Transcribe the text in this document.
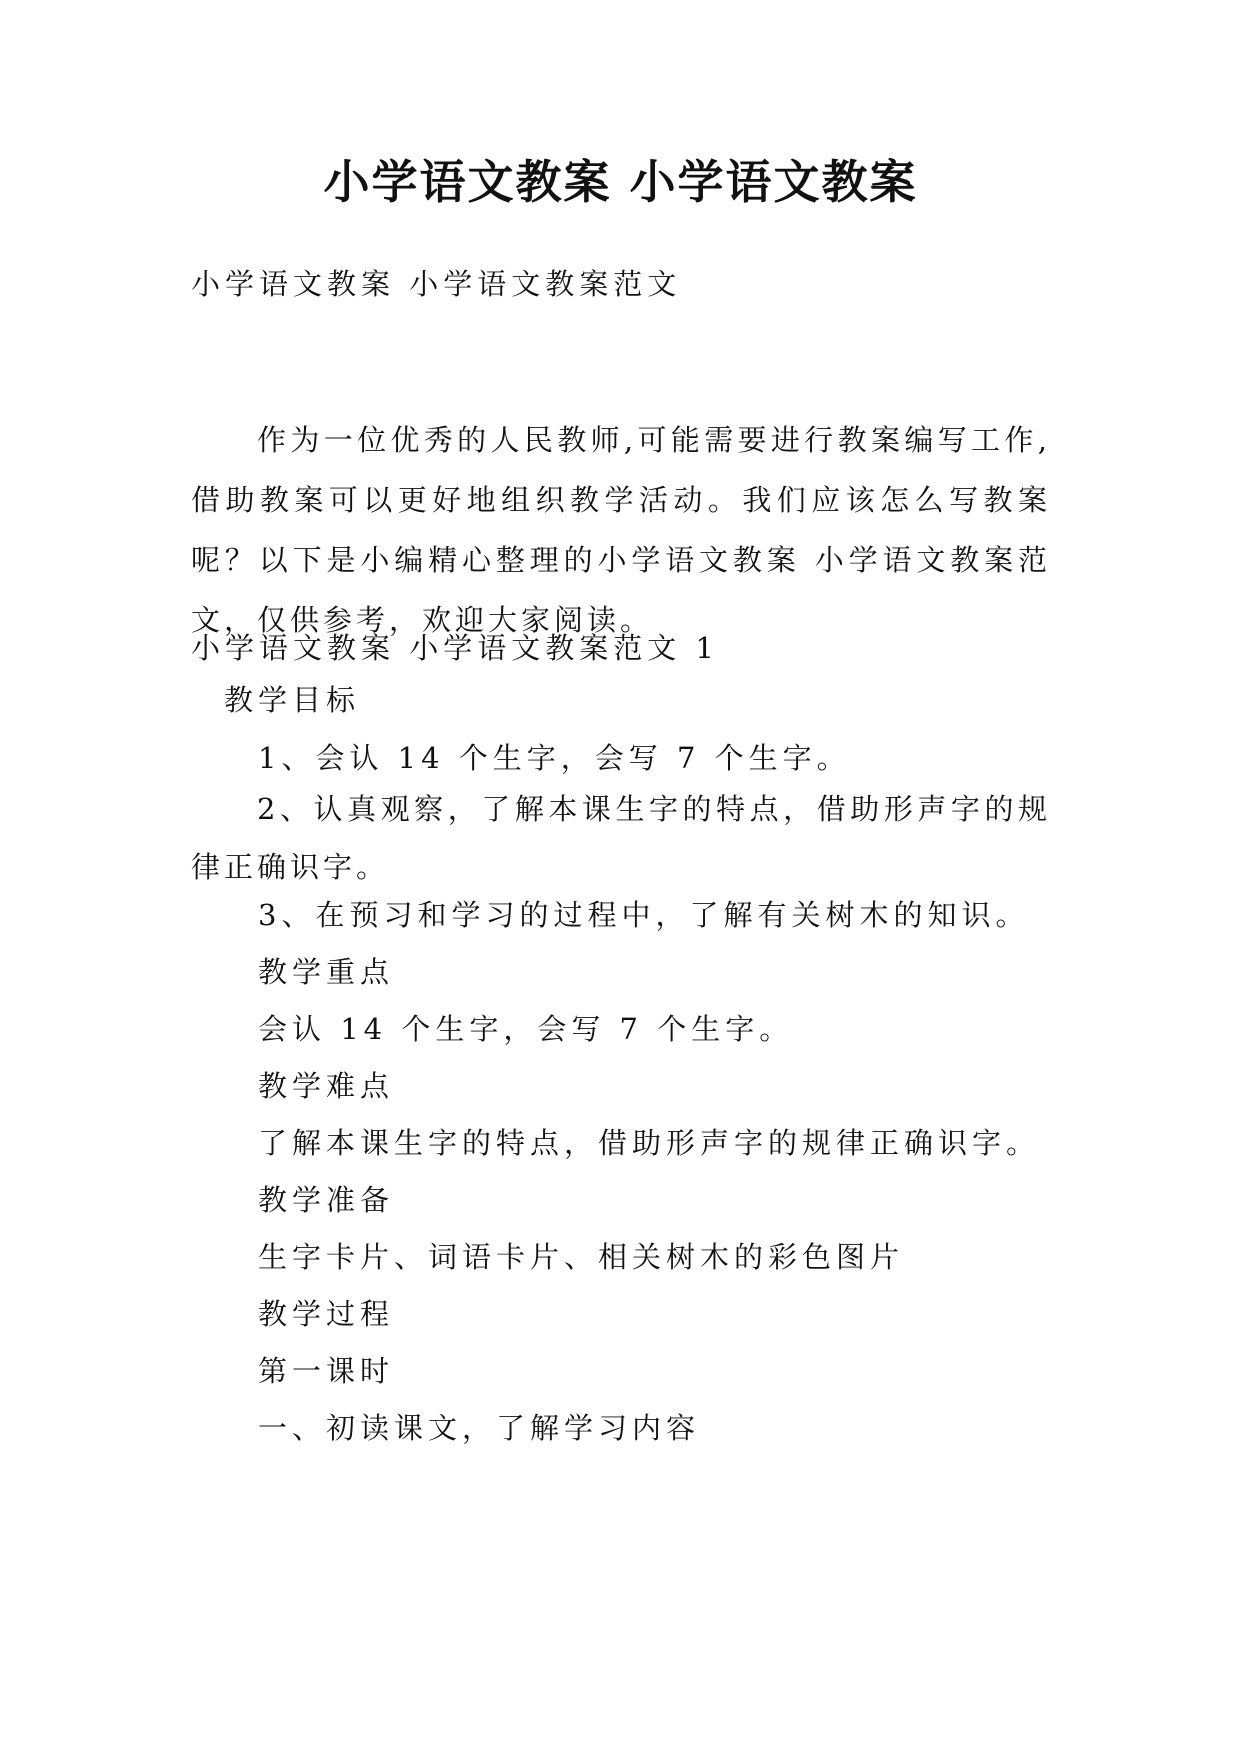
小学语文教案 小学语文教案
小学语文教案 小学语文教案范文
作为一位优秀的人民教师,可能需要进行教案编写工作,借助教案可以更好地组织教学活动。我们应该怎么写教案呢？以下是小编精心整理的小学语文教案 小学语文教案范文，仅供参考，欢迎大家阅读。
小学语文教案 小学语文教案范文 1
教学目标
1、会认 14 个生字，会写 7 个生字。
2、认真观察，了解本课生字的特点，借助形声字的规律正确识字。
3、在预习和学习的过程中，了解有关树木的知识。
教学重点
会认 14 个生字，会写 7 个生字。
教学难点
了解本课生字的特点，借助形声字的规律正确识字。
教学准备
生字卡片、词语卡片、相关树木的彩色图片
教学过程
第一课时
一、初读课文，了解学习内容
